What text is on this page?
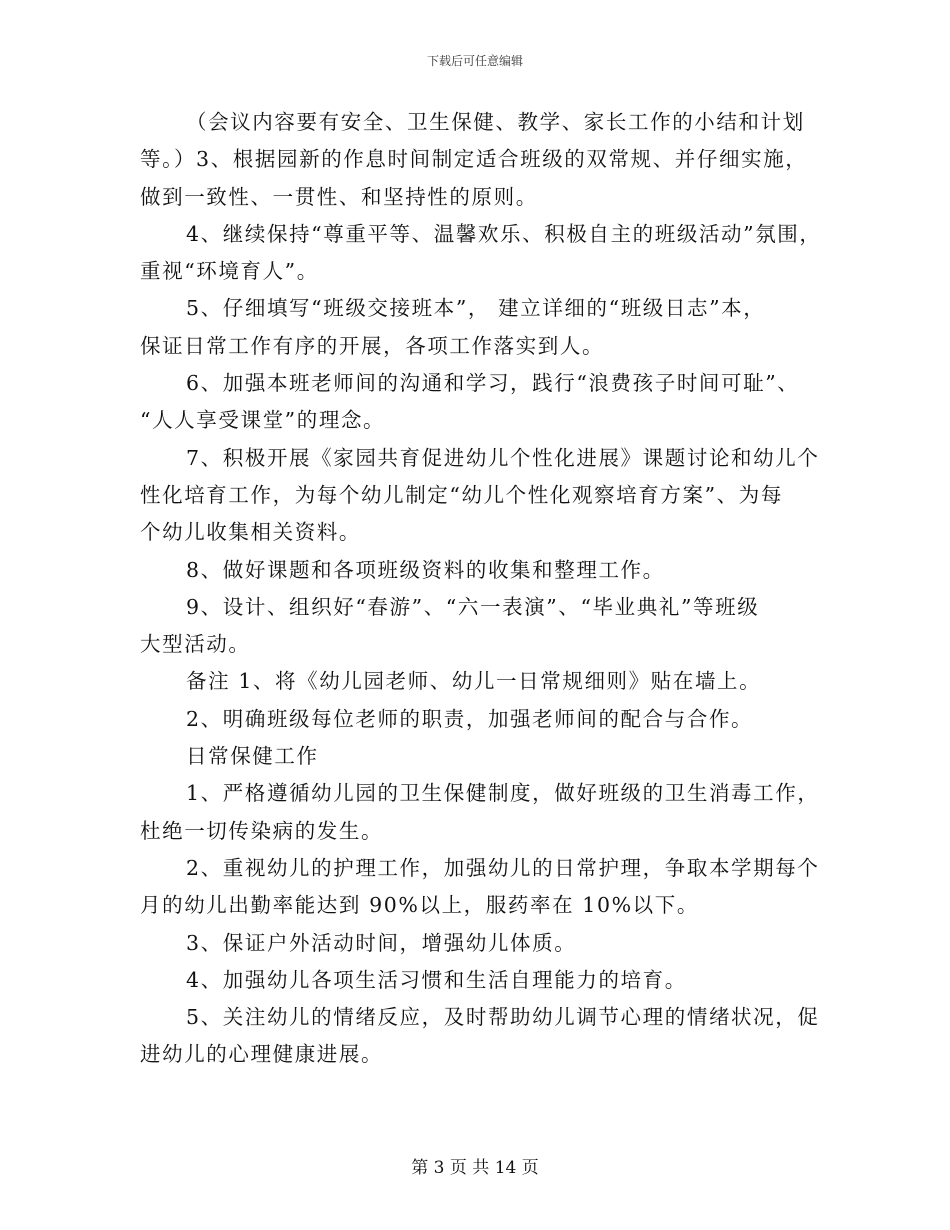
下载后可任意编辑
（会议内容要有安全、卫生保健、教学、家长工作的小结和计划
等。）3、根据园新的作息时间制定适合班级的双常规、并仔细实施，
做到一致性、一贯性、和坚持性的原则。
4、继续保持“尊重平等、温馨欢乐、积极自主的班级活动”氛围，
重视“环境育人”。
5、仔细填写“班级交接班本”， 建立详细的“班级日志”本，
保证日常工作有序的开展，各项工作落实到人。
6、加强本班老师间的沟通和学习，践行“浪费孩子时间可耻”、
“人人享受课堂”的理念。
7、积极开展《家园共育促进幼儿个性化进展》课题讨论和幼儿个
性化培育工作，为每个幼儿制定“幼儿个性化观察培育方案”、为每
个幼儿收集相关资料。
8、做好课题和各项班级资料的收集和整理工作。
9、设计、组织好“春游”、“六一表演”、“毕业典礼”等班级
大型活动。
备注 1、将《幼儿园老师、幼儿一日常规细则》贴在墙上。
2、明确班级每位老师的职责，加强老师间的配合与合作。
日常保健工作
1、严格遵循幼儿园的卫生保健制度，做好班级的卫生消毒工作，
杜绝一切传染病的发生。
2、重视幼儿的护理工作，加强幼儿的日常护理，争取本学期每个
月的幼儿出勤率能达到 90%以上，服药率在 10%以下。
3、保证户外活动时间，增强幼儿体质。
4、加强幼儿各项生活习惯和生活自理能力的培育。
5、关注幼儿的情绪反应，及时帮助幼儿调节心理的情绪状况，促
进幼儿的心理健康进展。
第 3 页 共 14 页
